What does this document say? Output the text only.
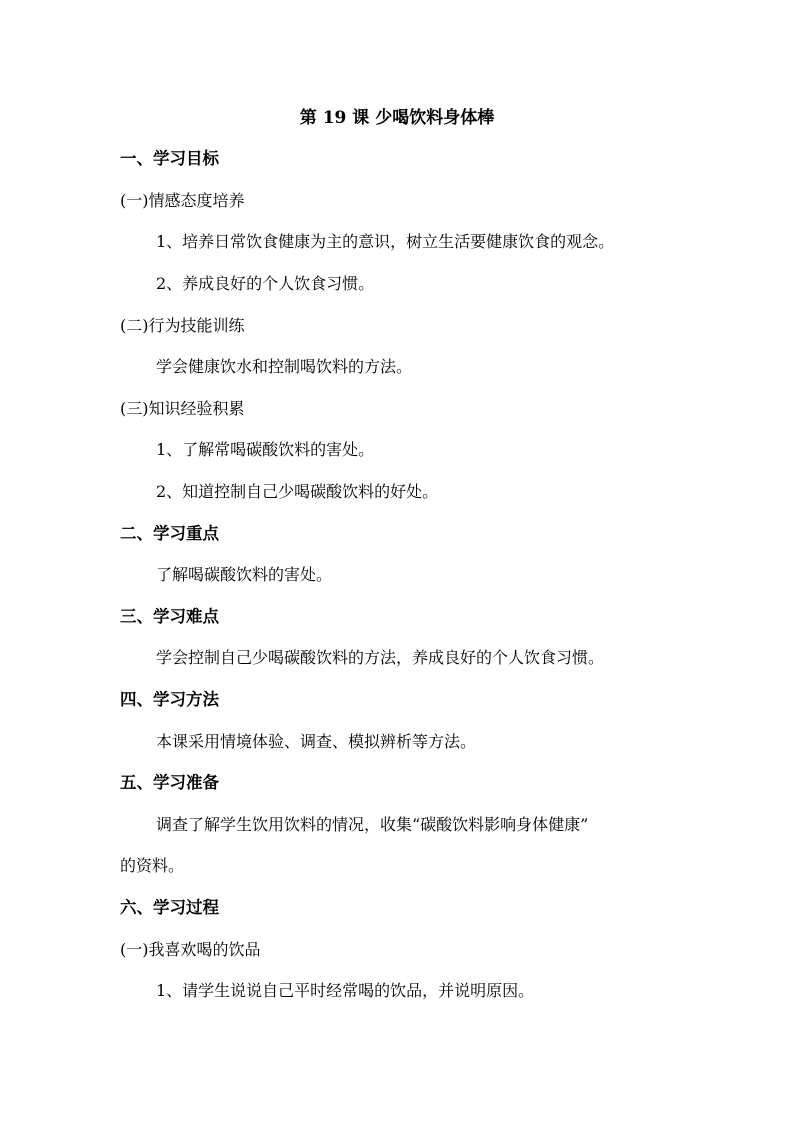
第 19 课 少喝饮料身体棒
一、学习目标
(一)情感态度培养
1、培养日常饮食健康为主的意识，树立生活要健康饮食的观念。
2、养成良好的个人饮食习惯。
(二)行为技能训练
学会健康饮水和控制喝饮料的方法。
(三)知识经验积累
1、了解常喝碳酸饮料的害处。
2、知道控制自己少喝碳酸饮料的好处。
二、学习重点
了解喝碳酸饮料的害处。
三、学习难点
学会控制自己少喝碳酸饮料的方法，养成良好的个人饮食习惯。
四、学习方法
本课采用情境体验、调查、模拟辨析等方法。
五、学习准备
调查了解学生饮用饮料的情况，收集“碳酸饮料影响身体健康”
的资料。
六、学习过程
(一)我喜欢喝的饮品
1、请学生说说自己平时经常喝的饮品，并说明原因。
